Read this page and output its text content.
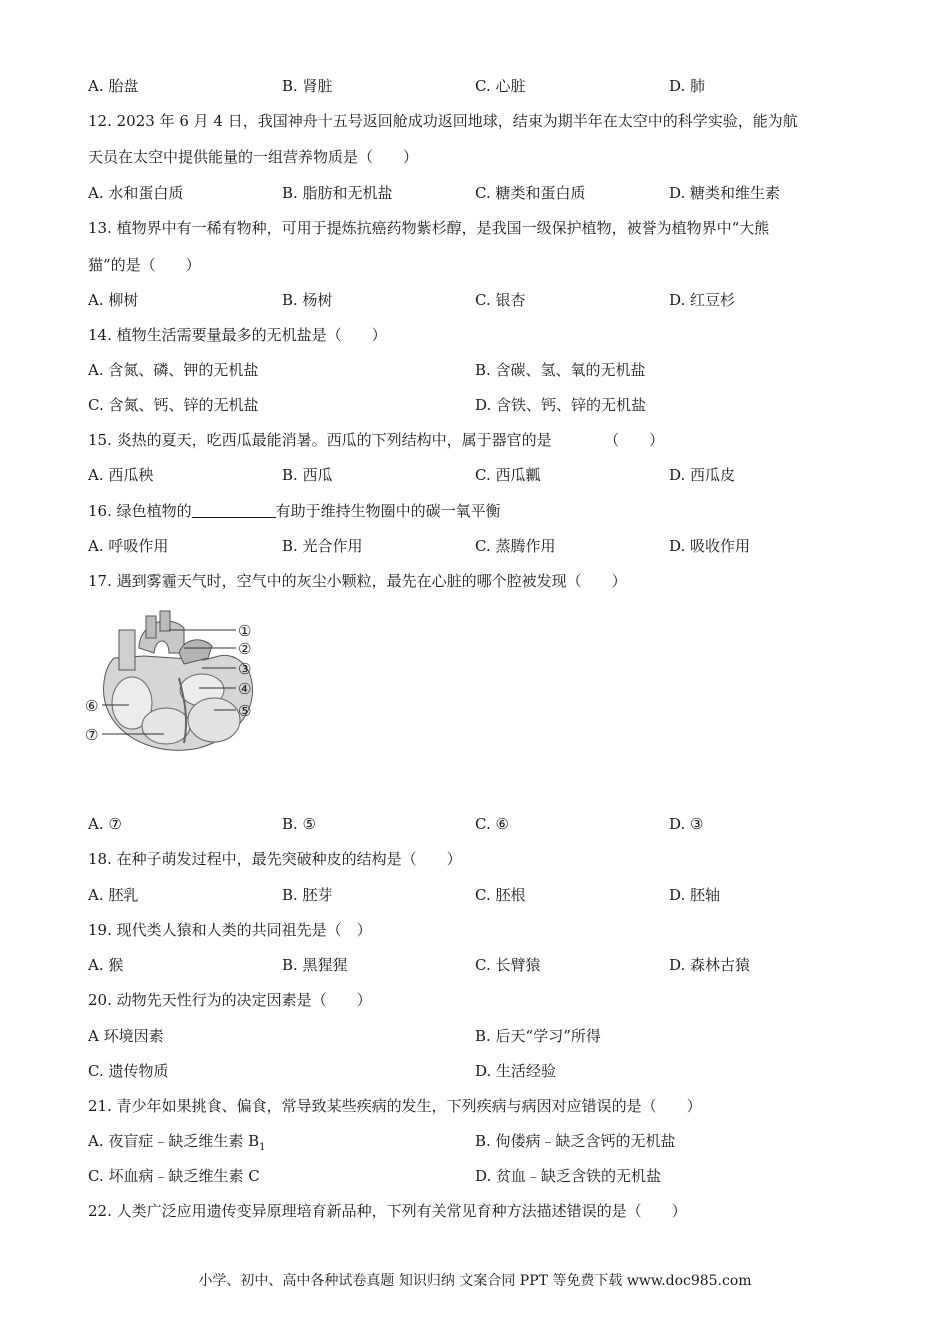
A. 胎盘	B. 肾脏	C. 心脏	D. 肺
12. 2023 年 6 月 4 日，我国神舟十五号返回舱成功返回地球，结束为期半年在太空中的科学实验，能为航
天员在太空中提供能量的一组营养物质是（　　）
A. 水和蛋白质	B. 脂肪和无机盐	C. 糖类和蛋白质	D. 糖类和维生素
13. 植物界中有一稀有物种，可用于提炼抗癌药物紫杉醇，是我国一级保护植物，被誉为植物界中“大熊
猫”的是（　　）
A. 柳树	B. 杨树	C. 银杏	D. 红豆杉
14. 植物生活需要量最多的无机盐是（　　）
A. 含氮、磷、钾的无机盐	B. 含碳、氢、氧的无机盐
C. 含氮、钙、锌的无机盐	D. 含铁、钙、锌的无机盐
15. 炎热的夏天，吃西瓜最能消暑。西瓜的下列结构中，属于器官的是　　　　（　　）
A. 西瓜秧	B. 西瓜	C. 西瓜瓤	D. 西瓜皮
16. 绿色植物的	有助于维持生物圈中的碳一氧平衡
A. 呼吸作用	B. 光合作用	C. 蒸腾作用	D. 吸收作用
17. 遇到雾霾天气时，空气中的灰尘小颗粒，最先在心脏的哪个腔被发现（　　）
①
②
③
④
⑤
⑥
⑦
A. ⑦	B. ⑤	C. ⑥	D. ③
18. 在种子萌发过程中，最先突破种皮的结构是（　　）
A. 胚乳	B. 胚芽	C. 胚根	D. 胚轴
19. 现代类人猿和人类的共同祖先是（　）
A. 猴	B. 黑猩猩	C. 长臂猿	D. 森林古猿
20. 动物先天性行为的决定因素是（　　）
A 环境因素	B. 后天“学习”所得
C. 遗传物质	D. 生活经验
21. 青少年如果挑食、偏食，常导致某些疾病的发生，下列疾病与病因对应错误的是（　　）
A. 夜盲症﹣缺乏维生素 $B_1$	B. 佝偻病﹣缺乏含钙的无机盐
C. 坏血病﹣缺乏维生素 C	D. 贫血﹣缺乏含铁的无机盐
22. 人类广泛应用遗传变异原理培育新品种，下列有关常见育种方法描述错误的是（　　）
小学、初中、高中各种试卷真题 知识归纳 文案合同 PPT 等免费下载 www.doc985.com
